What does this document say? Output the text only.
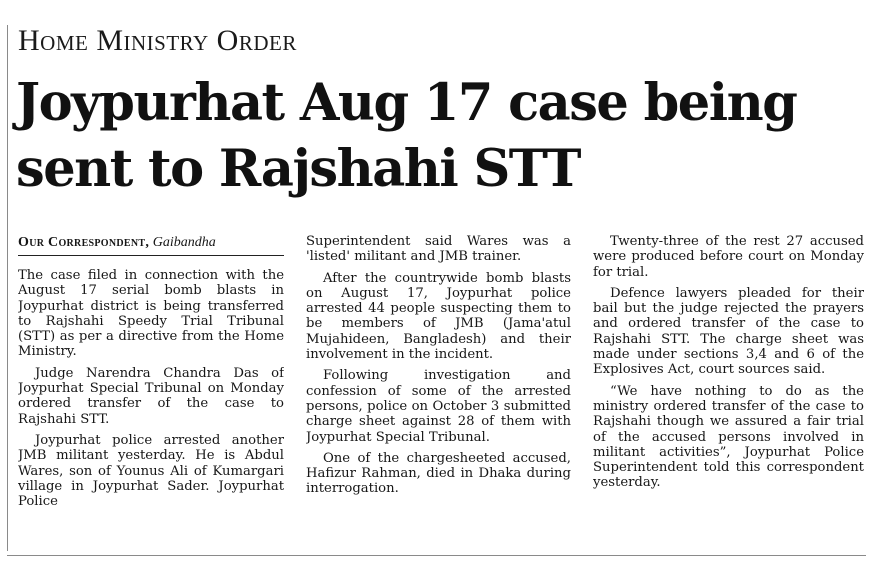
Home Ministry Order
Joypurhat Aug 17 case being
sent to Rajshahi STT
Our Correspondent, Gaibandha

The case filed in connection with the August 17 serial bomb blasts in Joypurhat district is being transferred to Rajshahi Speedy Trial Tribunal (STT) as per a directive from the Home Ministry.

Judge Narendra Chandra Das of Joypurhat Special Tribunal on Monday ordered transfer of the case to Rajshahi STT.

Joypurhat police arrested another JMB militant yesterday. He is Abdul Wares, son of Younus Ali of Kumargari village in Joypurhat Sader. Joypurhat Police

Superintendent said Wares was a 'listed' militant and JMB trainer.

After the countrywide bomb blasts on August 17, Joypurhat police arrested 44 people suspecting them to be members of JMB (Jama'atul Mujahideen, Bangladesh) and their involvement in the incident.

Following investigation and confession of some of the arrested persons, police on October 3 submitted charge sheet against 28 of them with Joypurhat Special Tribunal.

One of the chargesheeted accused, Hafizur Rahman, died in Dhaka during interrogation.

Twenty-three of the rest 27 accused were produced before court on Monday for trial.

Defence lawyers pleaded for their bail but the judge rejected the prayers and ordered transfer of the case to Rajshahi STT. The charge sheet was made under sections 3,4 and 6 of the Explosives Act, court sources said.

“We have nothing to do as the ministry ordered transfer of the case to Rajshahi though we assured a fair trial of the accused persons involved in militant activities”, Joypurhat Police Superintendent told this correspondent yesterday.
